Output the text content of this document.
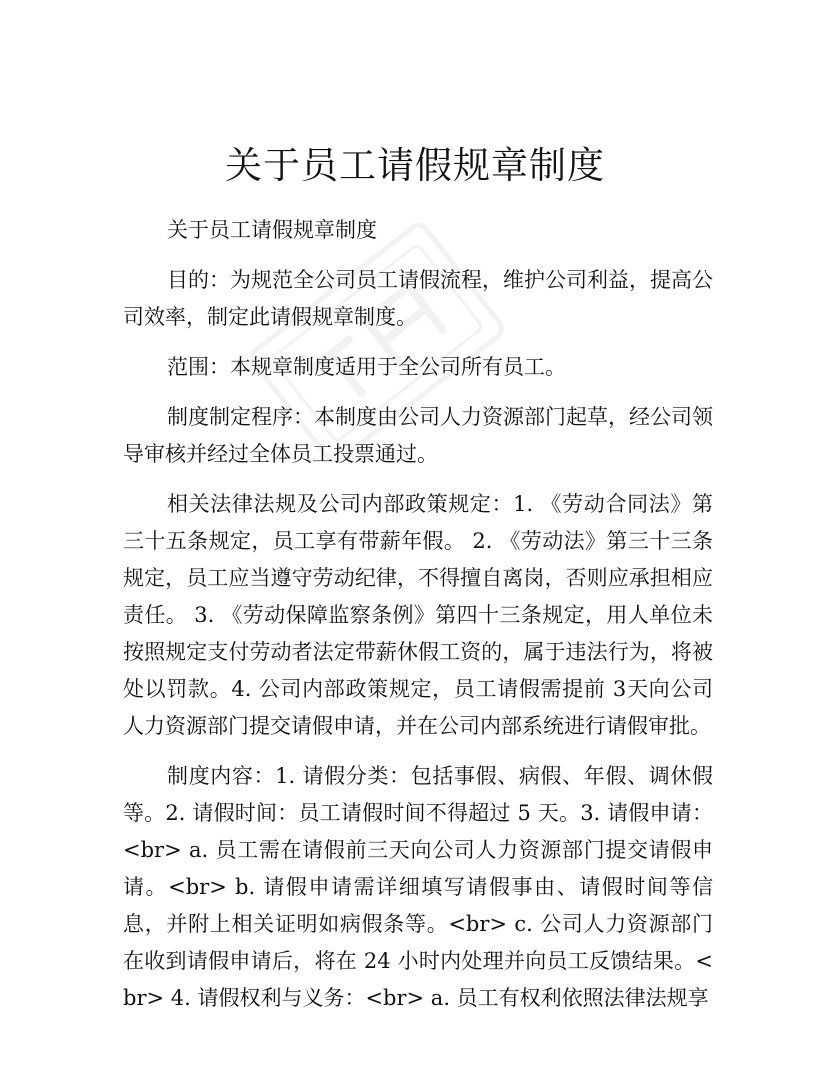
关于员工请假规章制度

关于员工请假规章制度

目的：为规范全公司员工请假流程，维护公司利益，提高公司效率，制定此请假规章制度。

范围：本规章制度适用于全公司所有员工。

制度制定程序：本制度由公司人力资源部门起草，经公司领导审核并经过全体员工投票通过。

相关法律法规及公司内部政策规定：1. 《劳动合同法》第三十五条规定，员工享有带薪年假。 2. 《劳动法》第三十三条规定，员工应当遵守劳动纪律，不得擅自离岗，否则应承担相应责任。 3. 《劳动保障监察条例》第四十三条规定，用人单位未按照规定支付劳动者法定带薪休假工资的，属于违法行为，将被处以罚款。4. 公司内部政策规定，员工请假需提前 3天向公司人力资源部门提交请假申请，并在公司内部系统进行请假审批。

制度内容：1. 请假分类：包括事假、病假、年假、调休假等。2. 请假时间：员工请假时间不得超过 5 天。3. 请假申请：<br> a. 员工需在请假前三天向公司人力资源部门提交请假申请。<br> b. 请假申请需详细填写请假事由、请假时间等信息，并附上相关证明如病假条等。<br> c. 公司人力资源部门在收到请假申请后，将在 24 小时内处理并向员工反馈结果。<br> 4. 请假权利与义务：<br> a. 员工有权利依照法律法规享
